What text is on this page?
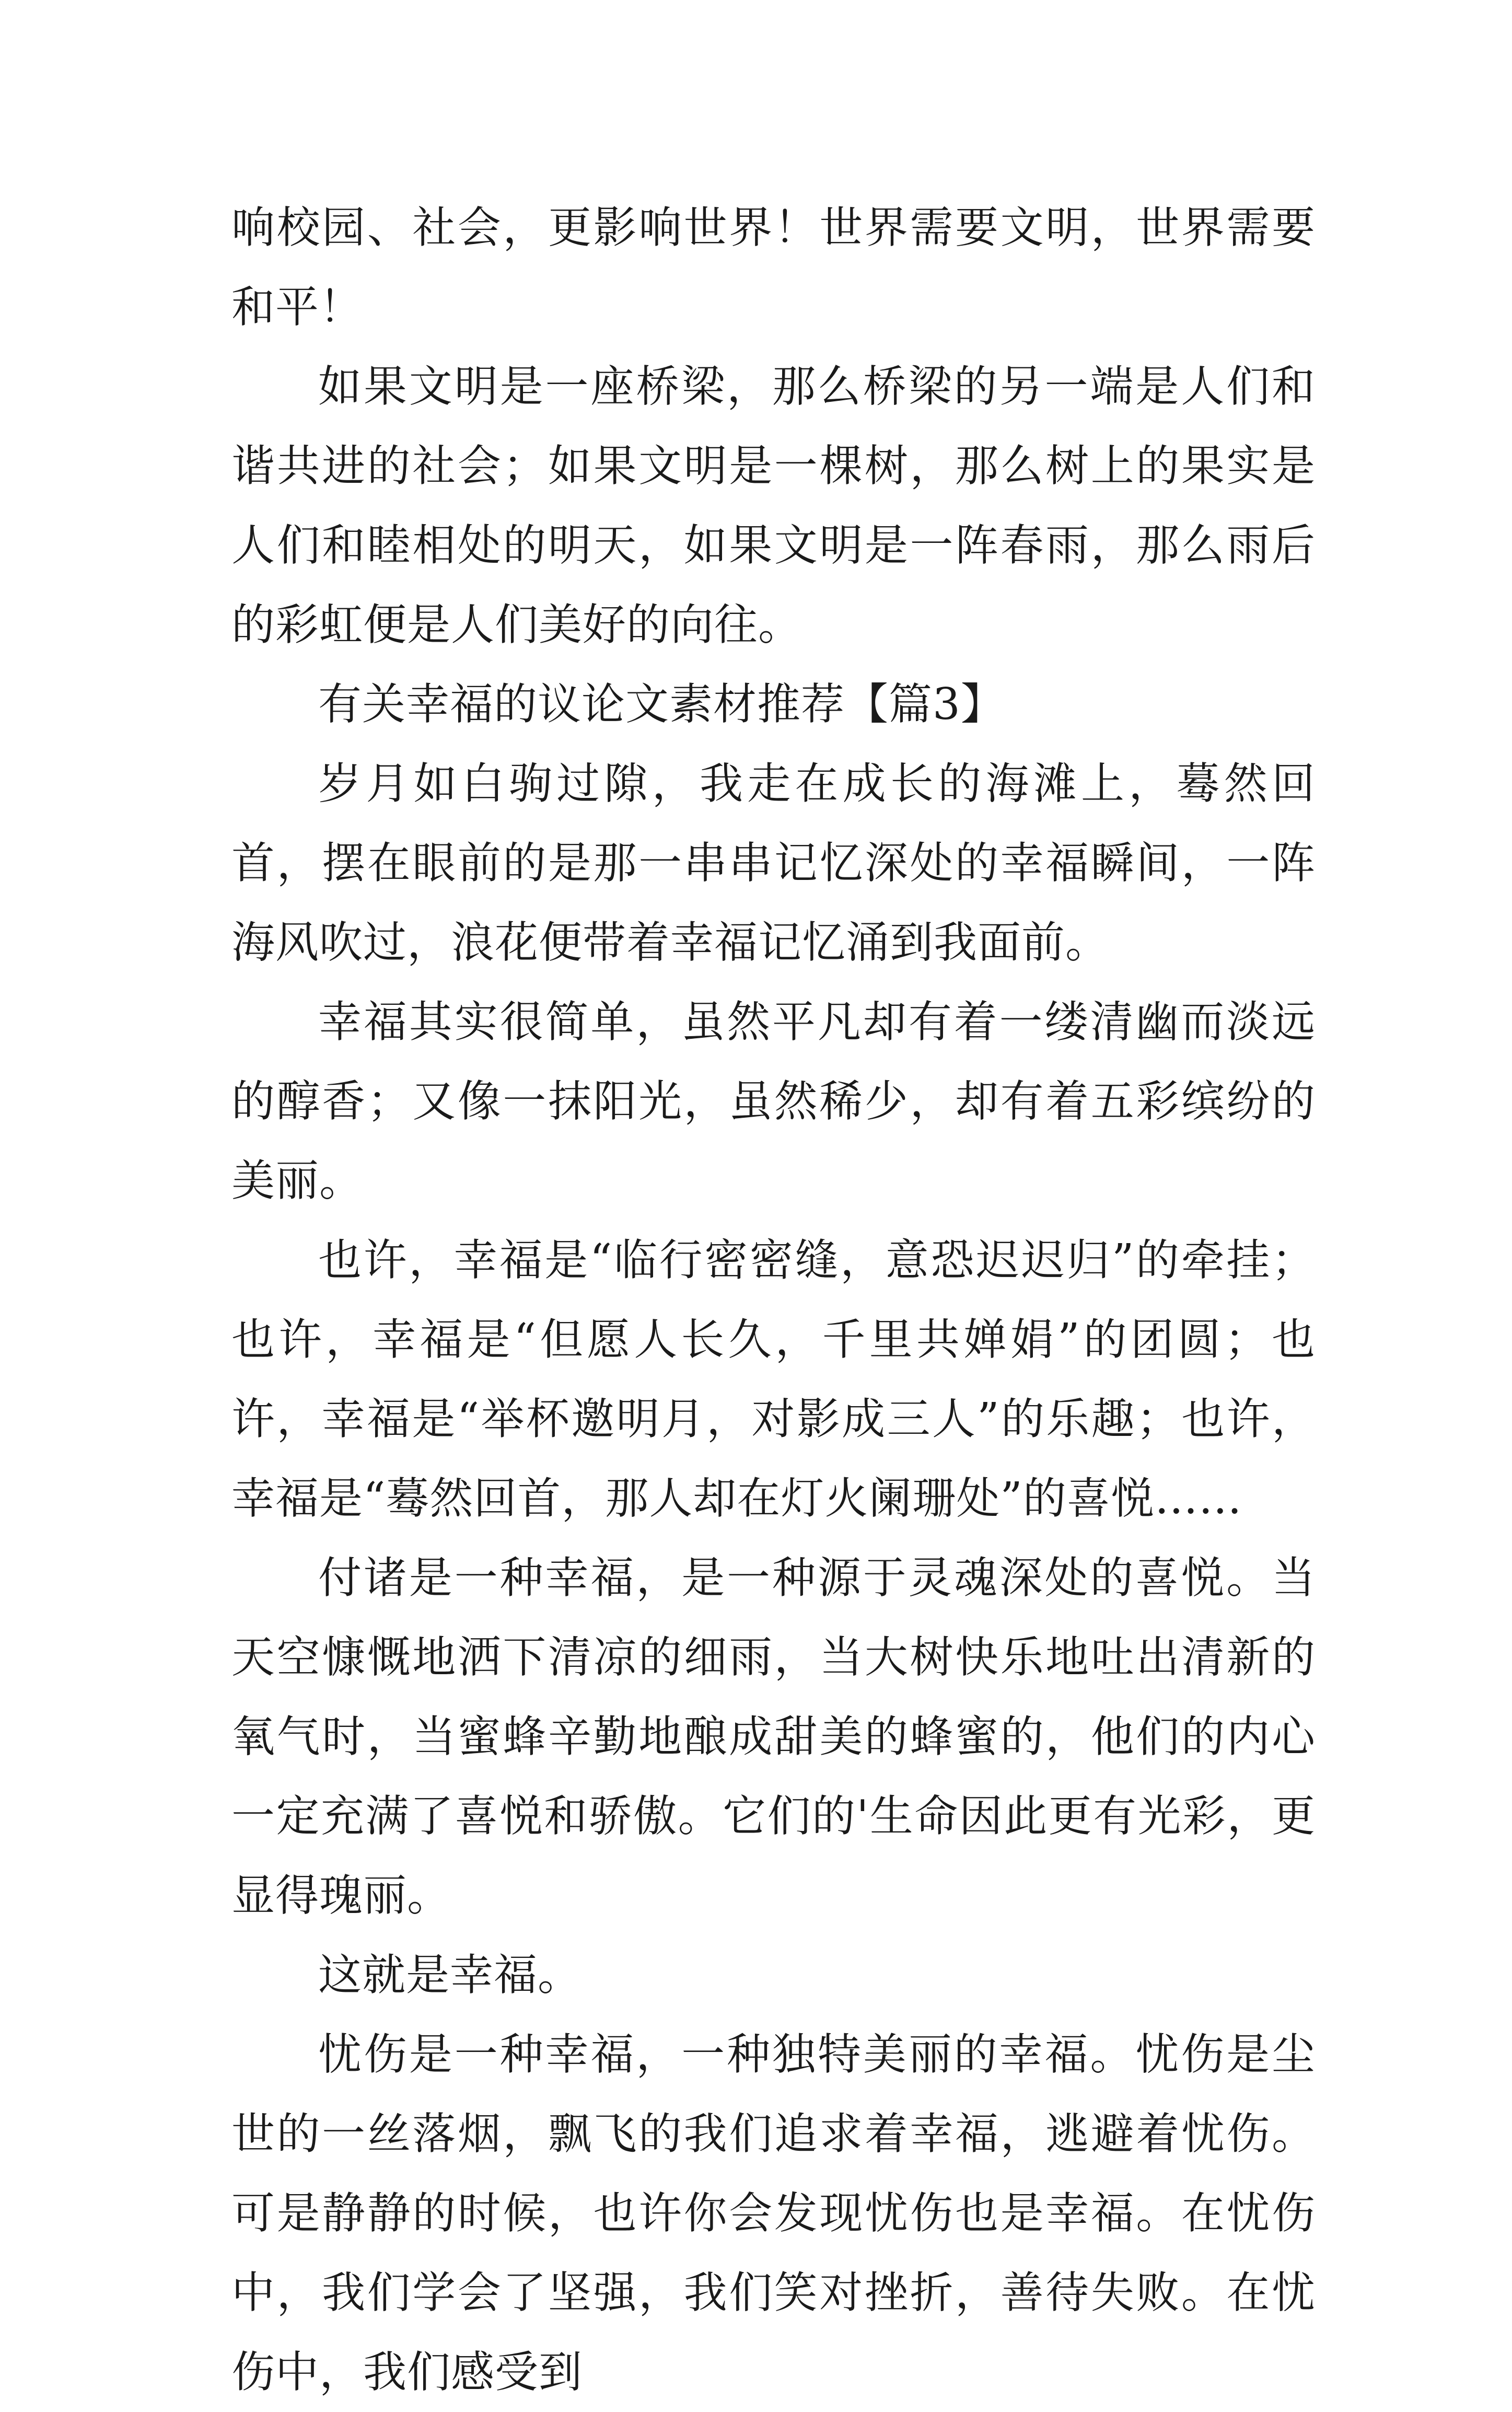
响校园、社会，更影响世界！世界需要文明，世界需要和平！

如果文明是一座桥梁，那么桥梁的另一端是人们和谐共进的社会；如果文明是一棵树，那么树上的果实是人们和睦相处的明天，如果文明是一阵春雨，那么雨后的彩虹便是人们美好的向往。

有关幸福的议论文素材推荐【篇3】

岁月如白驹过隙，我走在成长的海滩上，蓦然回首，摆在眼前的是那一串串记忆深处的幸福瞬间，一阵海风吹过，浪花便带着幸福记忆涌到我面前。

幸福其实很简单，虽然平凡却有着一缕清幽而淡远的醇香；又像一抹阳光，虽然稀少，却有着五彩缤纷的美丽。

也许，幸福是“临行密密缝，意恐迟迟归”的牵挂；也许，幸福是“但愿人长久，千里共婵娟”的团圆；也许，幸福是“举杯邀明月，对影成三人”的乐趣；也许，幸福是“蓦然回首，那人却在灯火阑珊处”的喜悦……

付诸是一种幸福，是一种源于灵魂深处的喜悦。当天空慷慨地洒下清凉的细雨，当大树快乐地吐出清新的氧气时，当蜜蜂辛勤地酿成甜美的蜂蜜的，他们的内心一定充满了喜悦和骄傲。它们的'生命因此更有光彩，更显得瑰丽。

这就是幸福。

忧伤是一种幸福，一种独特美丽的幸福。忧伤是尘世的一丝落烟，飘飞的我们追求着幸福，逃避着忧伤。可是静静的时候，也许你会发现忧伤也是幸福。在忧伤中，我们学会了坚强，我们笑对挫折，善待失败。在忧伤中，我们感受到
